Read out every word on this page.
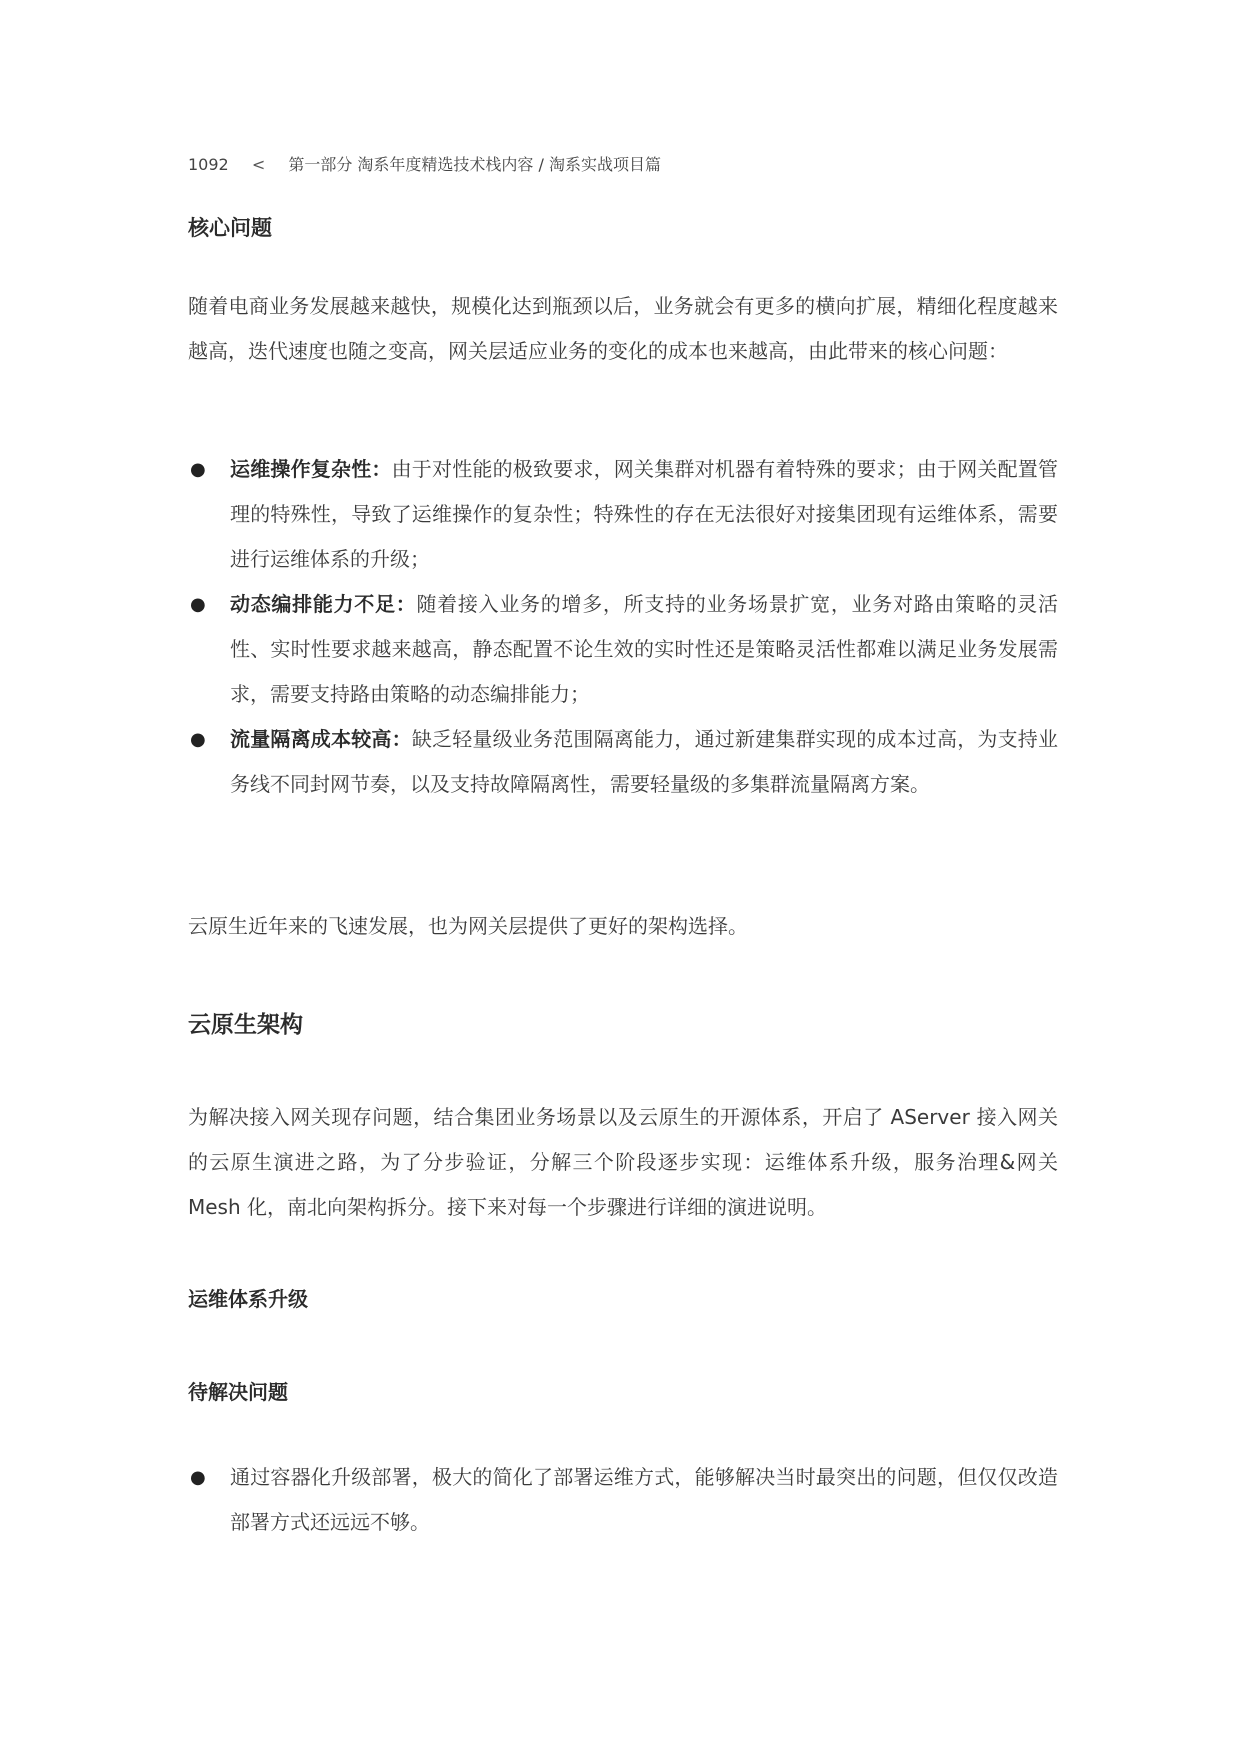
1092 < 第一部分 淘系年度精选技术栈内容 / 淘系实战项目篇
核心问题

随着电商业务发展越来越快，规模化达到瓶颈以后，业务就会有更多的横向扩展，精细化程度越来越高，迭代速度也随之变高，网关层适应业务的变化的成本也来越高，由此带来的核心问题：

● 运维操作复杂性：由于对性能的极致要求，网关集群对机器有着特殊的要求；由于网关配置管理的特殊性，导致了运维操作的复杂性；特殊性的存在无法很好对接集团现有运维体系，需要进行运维体系的升级；
● 动态编排能力不足：随着接入业务的增多，所支持的业务场景扩宽，业务对路由策略的灵活性、实时性要求越来越高，静态配置不论生效的实时性还是策略灵活性都难以满足业务发展需求，需要支持路由策略的动态编排能力；
● 流量隔离成本较高：缺乏轻量级业务范围隔离能力，通过新建集群实现的成本过高，为支持业务线不同封网节奏，以及支持故障隔离性，需要轻量级的多集群流量隔离方案。

云原生近年来的飞速发展，也为网关层提供了更好的架构选择。

云原生架构

为解决接入网关现存问题，结合集团业务场景以及云原生的开源体系，开启了 AServer 接入网关的云原生演进之路，为了分步验证，分解三个阶段逐步实现：运维体系升级，服务治理&网关 Mesh 化，南北向架构拆分。接下来对每一个步骤进行详细的演进说明。

运维体系升级
待解决问题
● 通过容器化升级部署，极大的简化了部署运维方式，能够解决当时最突出的问题，但仅仅改造部署方式还远远不够。
